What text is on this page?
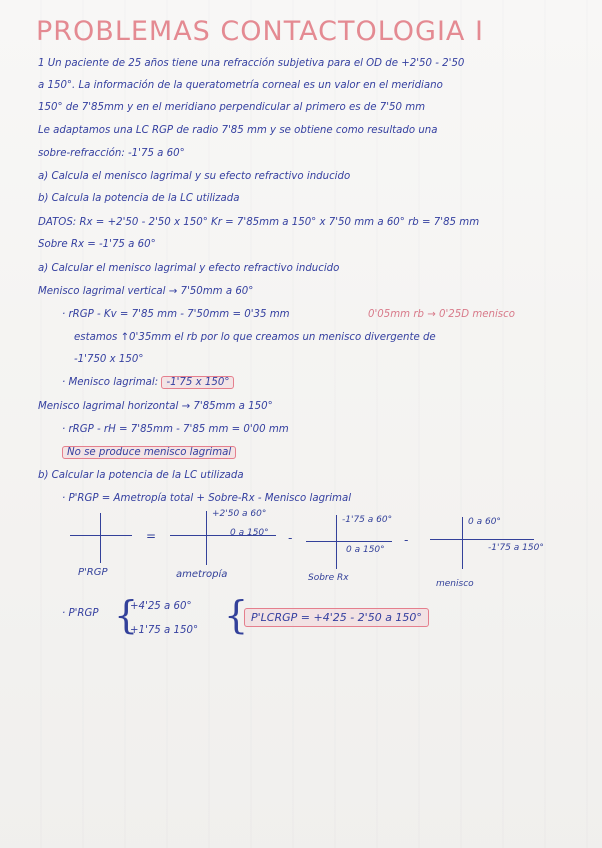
PROBLEMAS CONTACTOLOGIA I
1 Un paciente de 25 años tiene una refracción subjetiva para el OD de +2'50 - 2'50
a 150°. La información de la queratometría corneal es un valor en el meridiano
150° de 7'85mm y en el meridiano perpendicular al primero es de 7'50 mm
Le adaptamos una LC RGP de radio 7'85 mm y se obtiene como resultado una
sobre-refracción: -1'75 a 60°
a) Calcula el menisco lagrimal y su efecto refractivo inducido
b) Calcula la potencia de la LC utilizada
DATOS: Rx = +2'50 - 2'50 x 150° Kr = 7'85mm a 150° x 7'50 mm a 60° rb = 7'85 mm
Sobre Rx = -1'75 a 60°
a) Calcular el menisco lagrimal y efecto refractivo inducido
Menisco lagrimal vertical → 7'50mm a 60°
· rRGP - Kv = 7'85 mm - 7'50mm = 0'35 mm	0'05mm rb → 0'25D menisco
estamos ↑0'35mm el rb por lo que creamos un menisco divergente de
-1'750 x 150°
· Menisco lagrimal: -1'75 x 150°
Menisco lagrimal horizontal → 7'85mm a 150°
· rRGP - rH = 7'85mm - 7'85 mm = 0'00 mm
No se produce menisco lagrimal
b) Calcular la potencia de la LC utilizada
· P'RGP = Ametropía total + Sobre-Rx - Menisco lagrimal
P'RGP
=
+2'50 a 60°
0 a 150°
ametropía
-
-1'75 a 60°
0 a 150°
Sobre Rx
-
0 a 60°
-1'75 a 150°
menisco
· P'RGP {
+4'25 a 60°
+1'75 a 150° { P'LCRGP = +4'25 - 2'50 a 150°
